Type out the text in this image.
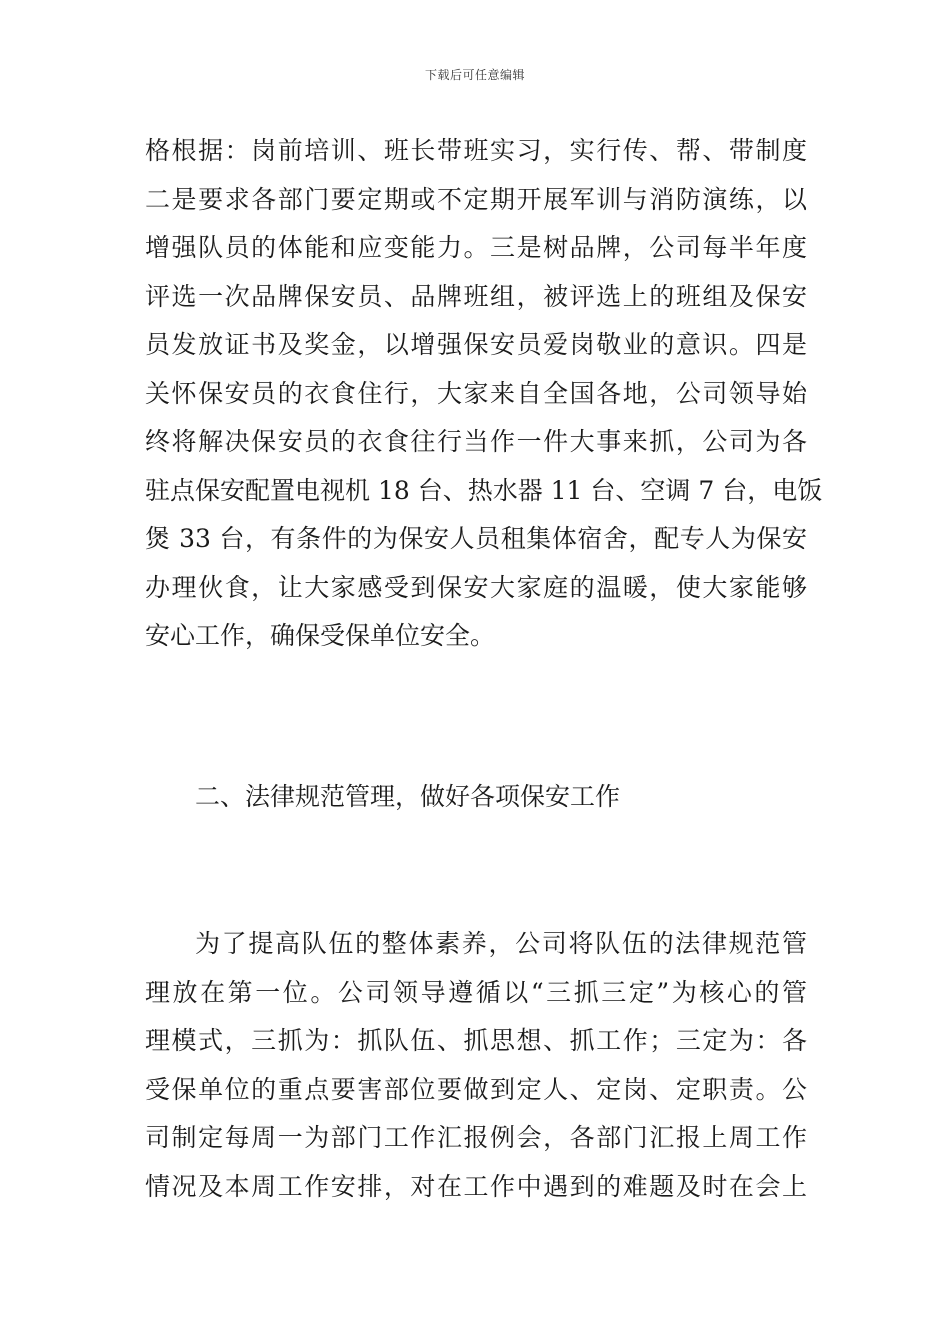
下载后可任意编辑
格根据：岗前培训、班长带班实习，实行传、帮、带制度
二是要求各部门要定期或不定期开展军训与消防演练，以
增强队员的体能和应变能力。三是树品牌，公司每半年度
评选一次品牌保安员、品牌班组，被评选上的班组及保安
员发放证书及奖金，以增强保安员爱岗敬业的意识。四是
关怀保安员的衣食住行，大家来自全国各地，公司领导始
终将解决保安员的衣食往行当作一件大事来抓，公司为各
驻点保安配置电视机 18 台、热水器 11 台、空调 7 台，电饭
煲 33 台，有条件的为保安人员租集体宿舍，配专人为保安
办理伙食，让大家感受到保安大家庭的温暖，使大家能够
安心工作，确保受保单位安全。
二、法律规范管理，做好各项保安工作
为了提高队伍的整体素养，公司将队伍的法律规范管
理放在第一位。公司领导遵循以“三抓三定”为核心的管
理模式，三抓为：抓队伍、抓思想、抓工作；三定为：各
受保单位的重点要害部位要做到定人、定岗、定职责。公
司制定每周一为部门工作汇报例会，各部门汇报上周工作
情况及本周工作安排，对在工作中遇到的难题及时在会上
